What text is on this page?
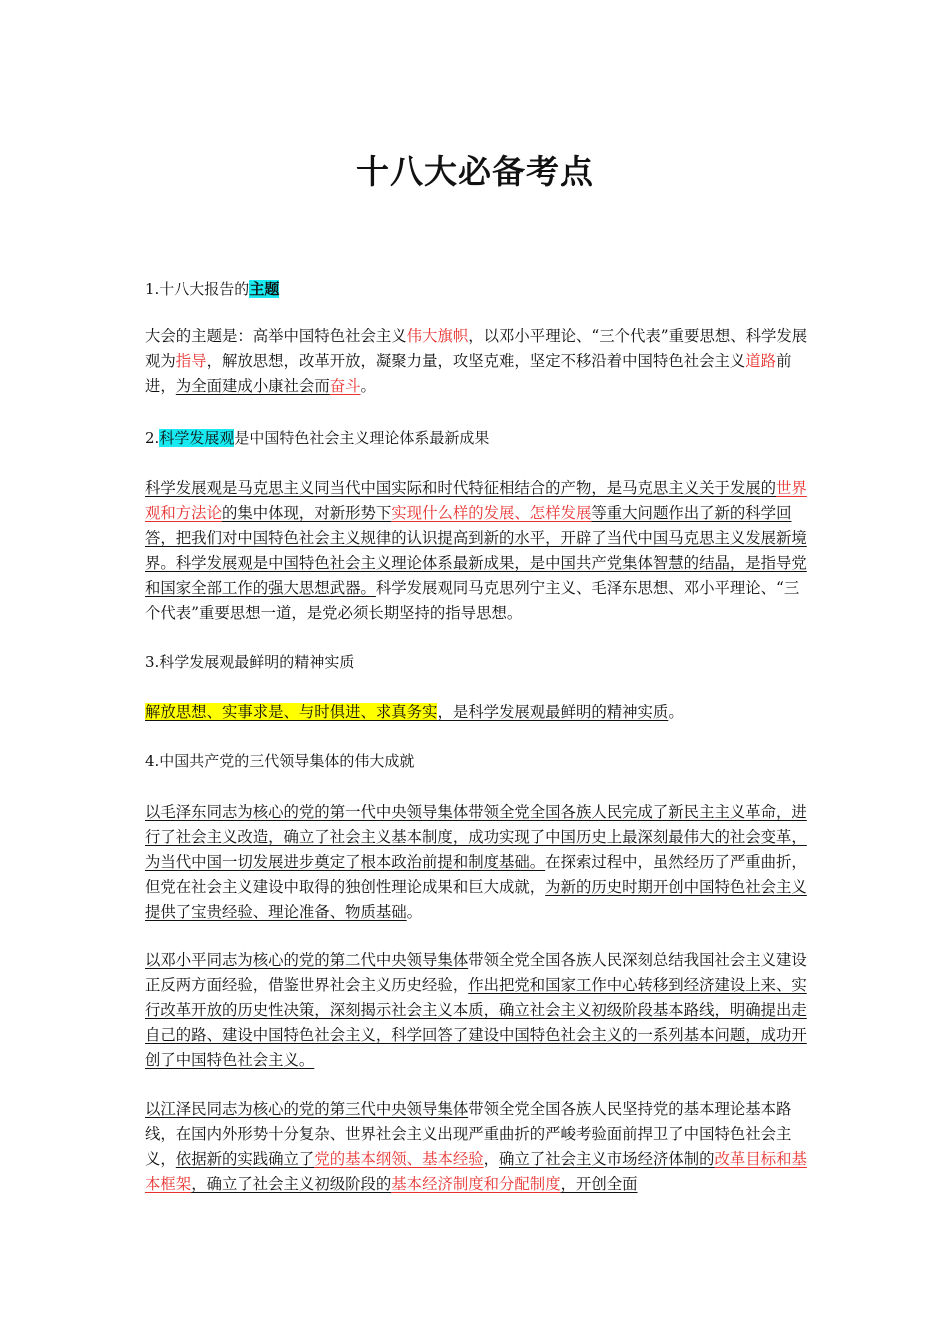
十八大必备考点
1.十八大报告的主题
大会的主题是：高举中国特色社会主义伟大旗帜，以邓小平理论、“三个代表”重要思想、科学发展观为指导，解放思想，改革开放，凝聚力量，攻坚克难，坚定不移沿着中国特色社会主义道路前进，为全面建成小康社会而奋斗。
2.科学发展观是中国特色社会主义理论体系最新成果
科学发展观是马克思主义同当代中国实际和时代特征相结合的产物，是马克思主义关于发展的世界观和方法论的集中体现，对新形势下实现什么样的发展、怎样发展等重大问题作出了新的科学回答，把我们对中国特色社会主义规律的认识提高到新的水平，开辟了当代中国马克思主义发展新境界。科学发展观是中国特色社会主义理论体系最新成果，是中国共产党集体智慧的结晶，是指导党和国家全部工作的强大思想武器。科学发展观同马克思列宁主义、毛泽东思想、邓小平理论、“三个代表”重要思想一道，是党必须长期坚持的指导思想。
3.科学发展观最鲜明的精神实质
解放思想、实事求是、与时俱进、求真务实，是科学发展观最鲜明的精神实质。
4.中国共产党的三代领导集体的伟大成就
以毛泽东同志为核心的党的第一代中央领导集体带领全党全国各族人民完成了新民主主义革命，进行了社会主义改造，确立了社会主义基本制度，成功实现了中国历史上最深刻最伟大的社会变革，为当代中国一切发展进步奠定了根本政治前提和制度基础。在探索过程中，虽然经历了严重曲折，但党在社会主义建设中取得的独创性理论成果和巨大成就，为新的历史时期开创中国特色社会主义提供了宝贵经验、理论准备、物质基础。
以邓小平同志为核心的党的第二代中央领导集体带领全党全国各族人民深刻总结我国社会主义建设正反两方面经验，借鉴世界社会主义历史经验，作出把党和国家工作中心转移到经济建设上来、实行改革开放的历史性决策，深刻揭示社会主义本质，确立社会主义初级阶段基本路线，明确提出走自己的路、建设中国特色社会主义，科学回答了建设中国特色社会主义的一系列基本问题，成功开创了中国特色社会主义。
以江泽民同志为核心的党的第三代中央领导集体带领全党全国各族人民坚持党的基本理论基本路线，在国内外形势十分复杂、世界社会主义出现严重曲折的严峻考验面前捍卫了中国特色社会主义，依据新的实践确立了党的基本纲领、基本经验，确立了社会主义市场经济体制的改革目标和基本框架，确立了社会主义初级阶段的基本经济制度和分配制度，开创全面
